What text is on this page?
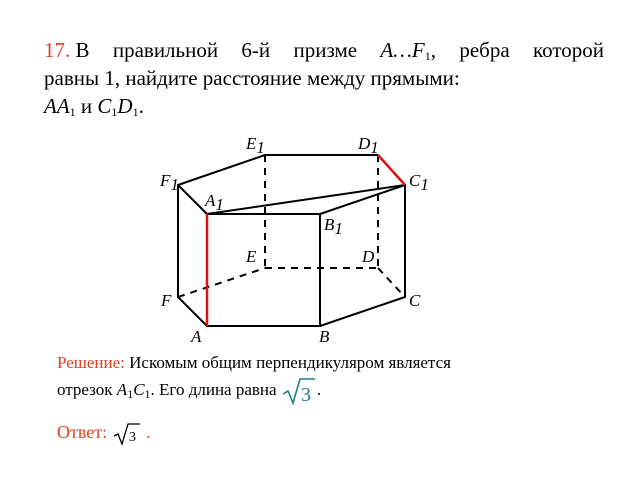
17. В правильной 6-й призме $A\dots F_1$, ребра которой
равны 1, найдите расстояние между прямыми:
$AA_1$ и $C_1D_1$.
E1	D1
F1	C1
A1
B1
E	D
F	C
A	B
Решение: Искомым общим перпендикуляром является
отрезок $A_1C_1$. Его длина равна 3 .
Ответ: 3 .
